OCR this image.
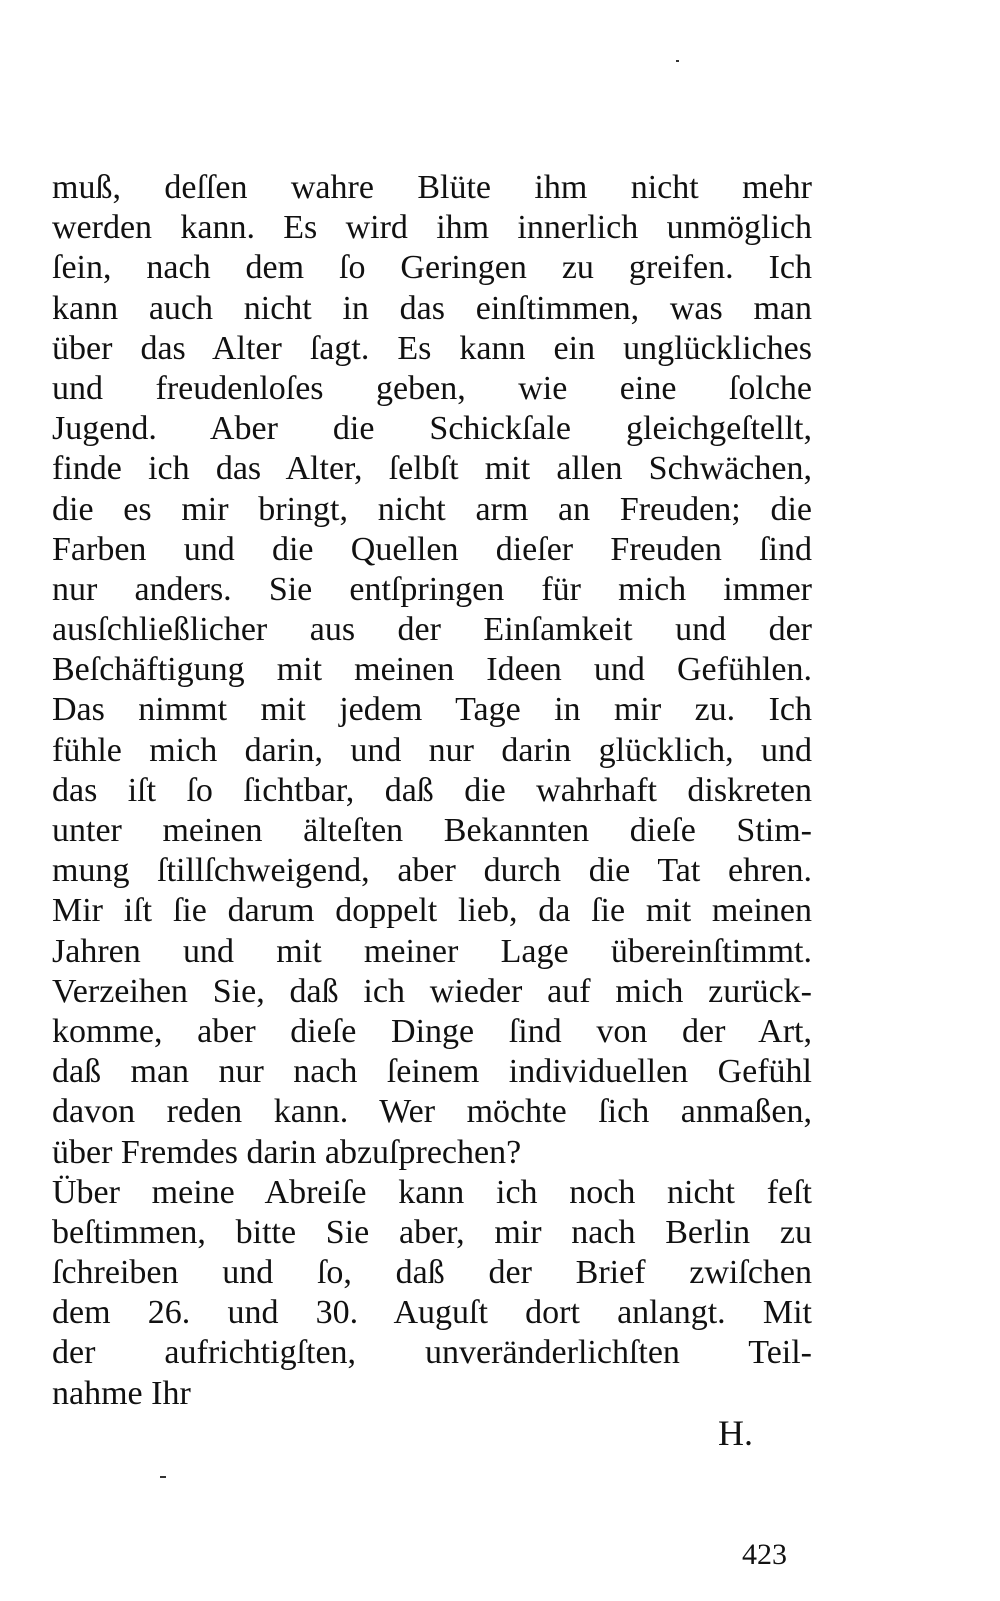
muß, deſſen wahre Blüte ihm nicht mehr
werden kann. Es wird ihm innerlich unmöglich
ſein, nach dem ſo Geringen zu greifen. Ich
kann auch nicht in das einſtimmen, was man
über das Alter ſagt. Es kann ein unglückliches
und freudenloſes geben, wie eine ſolche
Jugend. Aber die Schickſale gleichgeſtellt,
finde ich das Alter, ſelbſt mit allen Schwächen,
die es mir bringt, nicht arm an Freuden; die
Farben und die Quellen dieſer Freuden ſind
nur anders. Sie entſpringen für mich immer
ausſchließlicher aus der Einſamkeit und der
Beſchäftigung mit meinen Ideen und Gefühlen.
Das nimmt mit jedem Tage in mir zu. Ich
fühle mich darin, und nur darin glücklich, und
das iſt ſo ſichtbar, daß die wahrhaft diskreten
unter meinen älteſten Bekannten dieſe Stim-
mung ſtillſchweigend, aber durch die Tat ehren.
Mir iſt ſie darum doppelt lieb, da ſie mit meinen
Jahren und mit meiner Lage übereinſtimmt.
Verzeihen Sie, daß ich wieder auf mich zurück-
komme, aber dieſe Dinge ſind von der Art,
daß man nur nach ſeinem individuellen Gefühl
davon reden kann. Wer möchte ſich anmaßen,
über Fremdes darin abzuſprechen?
Über meine Abreiſe kann ich noch nicht feſt
beſtimmen, bitte Sie aber, mir nach Berlin zu
ſchreiben und ſo, daß der Brief zwiſchen
dem 26. und 30. Auguſt dort anlangt. Mit
der aufrichtigſten, unveränderlichſten Teil-
nahme Ihr
H.
423
